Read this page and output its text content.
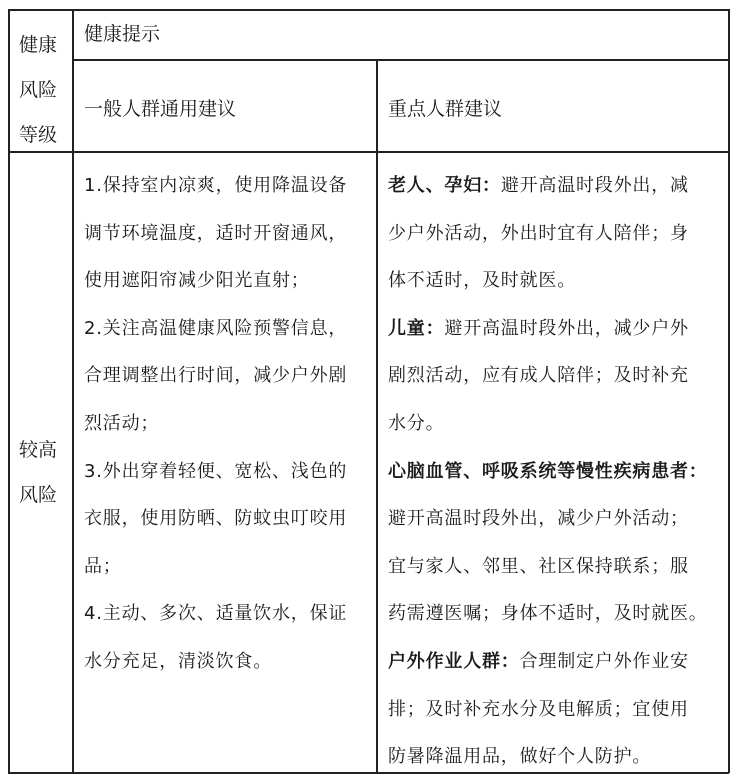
健康
风险
等级
健康提示
一般人群通用建议	重点人群建议
较高
风险
1.保持室内凉爽，使用降温设备
调节环境温度，适时开窗通风，
使用遮阳帘减少阳光直射；
2.关注高温健康风险预警信息，
合理调整出行时间，减少户外剧
烈活动；
3.外出穿着轻便、宽松、浅色的
衣服，使用防晒、防蚊虫叮咬用
品；
4.主动、多次、适量饮水，保证
水分充足，清淡饮食。
老人、孕妇：避开高温时段外出，减
少户外活动，外出时宜有人陪伴；身
体不适时，及时就医。
儿童：避开高温时段外出，减少户外
剧烈活动，应有成人陪伴；及时补充
水分。
心脑血管、呼吸系统等慢性疾病患者：
避开高温时段外出，减少户外活动；
宜与家人、邻里、社区保持联系；服
药需遵医嘱；身体不适时，及时就医。
户外作业人群：合理制定户外作业安
排；及时补充水分及电解质；宜使用
防暑降温用品，做好个人防护。
